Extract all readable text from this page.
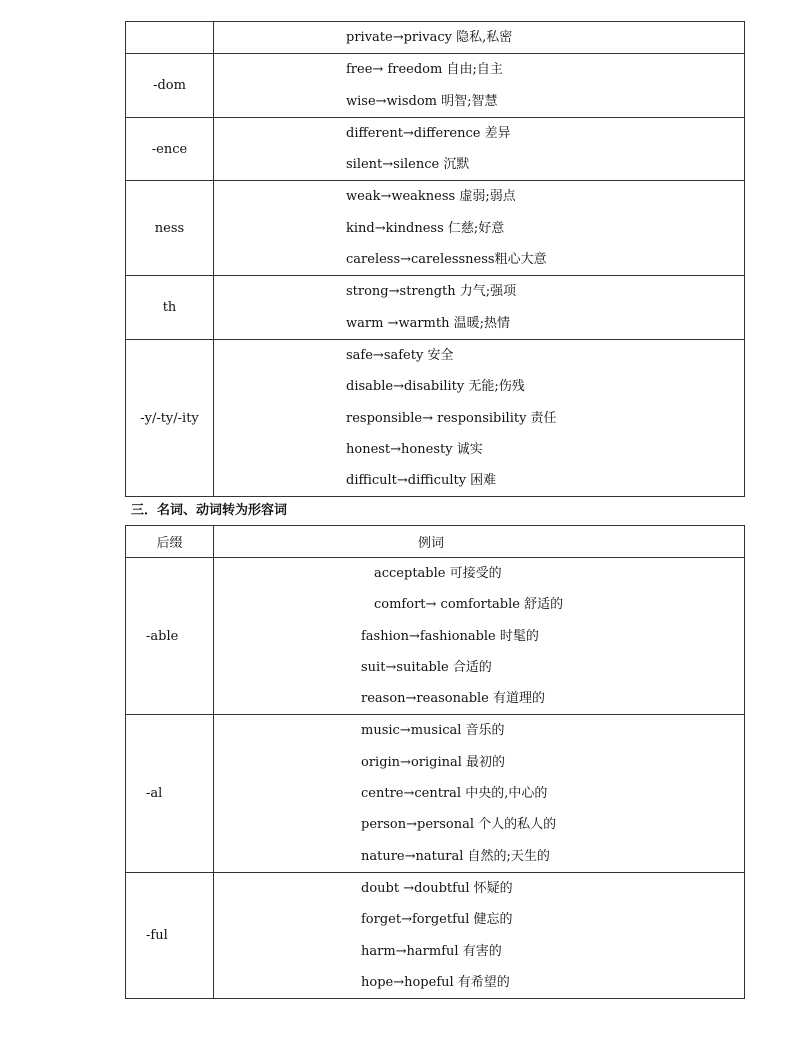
	private→privacy 隐私,私密

-dom	free→ freedom 自由;自主
wise→wisdom 明智;智慧

-ence	different→difference 差异
silent→silence 沉默

ness	weak→weakness 虚弱;弱点
kind→kindness 仁慈;好意
careless→carelessness粗心大意

th	strong→strength 力气;强项
warm →warmth 温暖;热情

-y/-ty/-ity	safe→safety 安全
disable→disability 无能;伤残
responsible→ responsibility 责任
honest→honesty 诚实
difficult→difficulty 困难
三．名词、动词转为形容词
后缀	例词
-able	acceptable 可接受的
comfort→ comfortable 舒适的
fashion→fashionable 时髦的
suit→suitable 合适的
reason→reasonable 有道理的

-al	music→musical 音乐的
origin→original 最初的
centre→central 中央的,中心的
person→personal 个人的私人的
nature→natural 自然的;天生的

-ful	doubt →doubtful 怀疑的
forget→forgetful 健忘的
harm→harmful 有害的
hope→hopeful 有希望的
